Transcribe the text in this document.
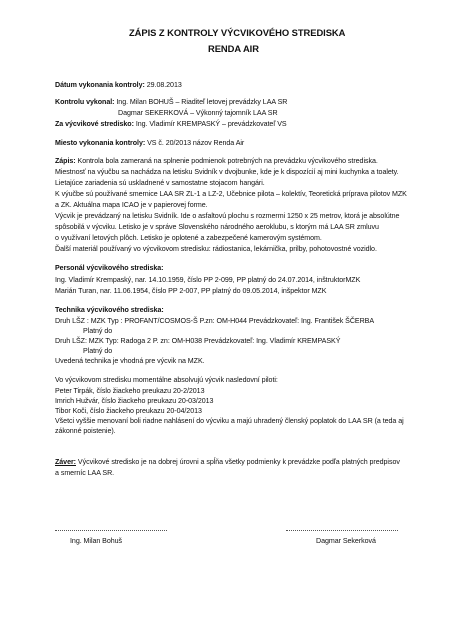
ZÁPIS Z KONTROLY VÝCVIKOVÉHO STREDISKA
RENDA AIR
Dátum vykonania kontroly: 29.08.2013
Kontrolu vykonal: Ing. Milan BOHUŠ – Riaditeľ letovej prevádzky LAA SR
Dagmar SEKERKOVÁ – Výkonný tajomník LAA SR
Za výcvikové stredisko: Ing. Vladimír KREMPASKÝ – prevádzkovateľ VS
Miesto vykonania kontroly: VS č. 20/2013 názov Renda Air
Zápis: Kontrola bola zameraná na splnenie podmienok potrebných na prevádzku výcvikového strediska.
Miestnosť na výučbu sa nachádza na letisku Svidník v dvojbunke, kde je k dispozícií aj mini kuchynka a toalety.
Lietajúce zariadenia sú uskladnené v samostatne stojacom hangári.
K výučbe sú používané smernice LAA SR ZL-1 a LZ-2, Učebnice pilota – kolektív, Teoretická príprava pilotov MZK
a ZK. Aktuálna mapa ICAO je v papierovej forme.
Výcvik je prevádzaný na letisku Svidník. Ide o asfaltovú plochu s rozmermi 1250 x 25 metrov, ktorá je absolútne
spôsobilá v výcviku. Letisko je v správe Slovenského národného aeroklubu, s ktorým má LAA SR zmluvu
o využívaní letových plôch. Letisko je oplotené a zabezpečené kamerovým systémom.
Ďalší materiál používaný vo výcvikovom stredisku: rádiostanica, lekárnička, prilby, pohotovostné vozidlo.
Personál výcvikového strediska:
Ing. Vladimír Krempaský, nar. 14.10.1959, číslo PP 2-099, PP platný do 24.07.2014, inštruktorMZK
Marián Turan, nar. 11.06.1954, číslo PP 2-007, PP platný do 09.05.2014, inšpektor MZK
Technika výcvikového strediska:
Druh LŠZ : MZK Typ : PROFANT/COSMOS-Š P.zn: OM-H044 Prevádzkovateľ: Ing. František ŠČERBA
Platný do
Druh LŠZ: MZK Typ: Radoga 2 P. zn: OM-H038 Prevádzkovateľ: Ing. Vladimír KREMPASKÝ
Platný do
Uvedená technika je vhodná pre výcvik na MZK.
Vo výcvikovom stredisku momentálne absolvujú výcvik nasledovní piloti:
Peter Tirpák, číslo žiackeho preukazu 20-2/2013
Imrich Hužvár, číslo žiackeho preukazu 20-03/2013
Tibor Koči, číslo žiackeho preukazu 20-04/2013
Všetci vyššie menovaní boli riadne nahlásení do výcviku a majú uhradený členský poplatok do LAA SR (a teda aj
zákonné poistenie).
Záver: Výcvikové stredisko je na dobrej úrovni a spĺňa všetky podmienky k prevádzke podľa platných predpisov
a smerníc LAA SR.
Ing. Milan Bohuš	Dagmar Sekerková
